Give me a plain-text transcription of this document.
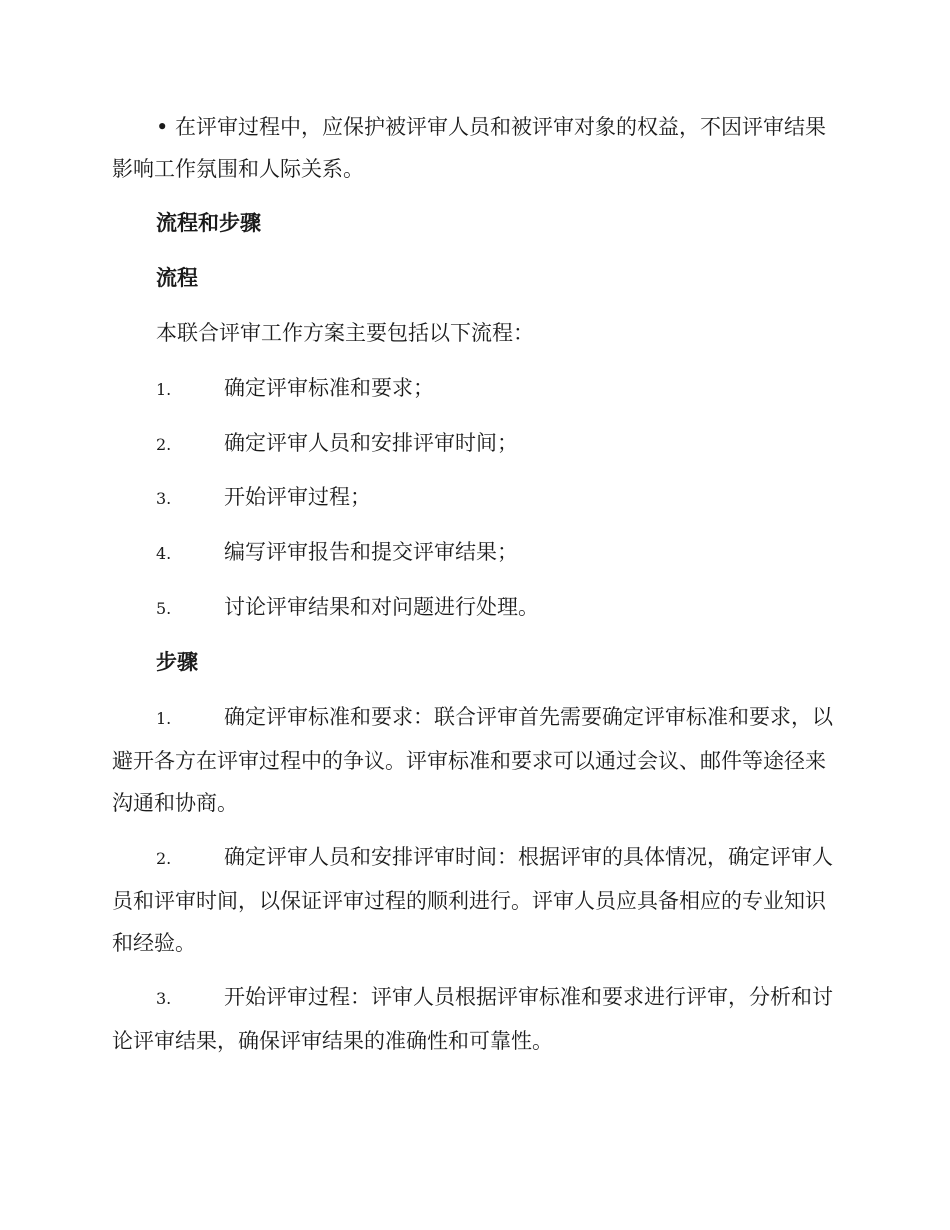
• 在评审过程中，应保护被评审人员和被评审对象的权益，不因评审结果影响工作氛围和人际关系。

流程和步骤
流程

本联合评审工作方案主要包括以下流程：

1.	确定评审标准和要求；

2.	确定评审人员和安排评审时间；

3.	开始评审过程；

4.	编写评审报告和提交评审结果；

5.	讨论评审结果和对问题进行处理。

步骤

1.	确定评审标准和要求：联合评审首先需要确定评审标准和要求，以避开各方在评审过程中的争议。评审标准和要求可以通过会议、邮件等途径来沟通和协商。

2.	确定评审人员和安排评审时间：根据评审的具体情况，确定评审人员和评审时间，以保证评审过程的顺利进行。评审人员应具备相应的专业知识和经验。

3.	开始评审过程：评审人员根据评审标准和要求进行评审，分析和讨论评审结果，确保评审结果的准确性和可靠性。
